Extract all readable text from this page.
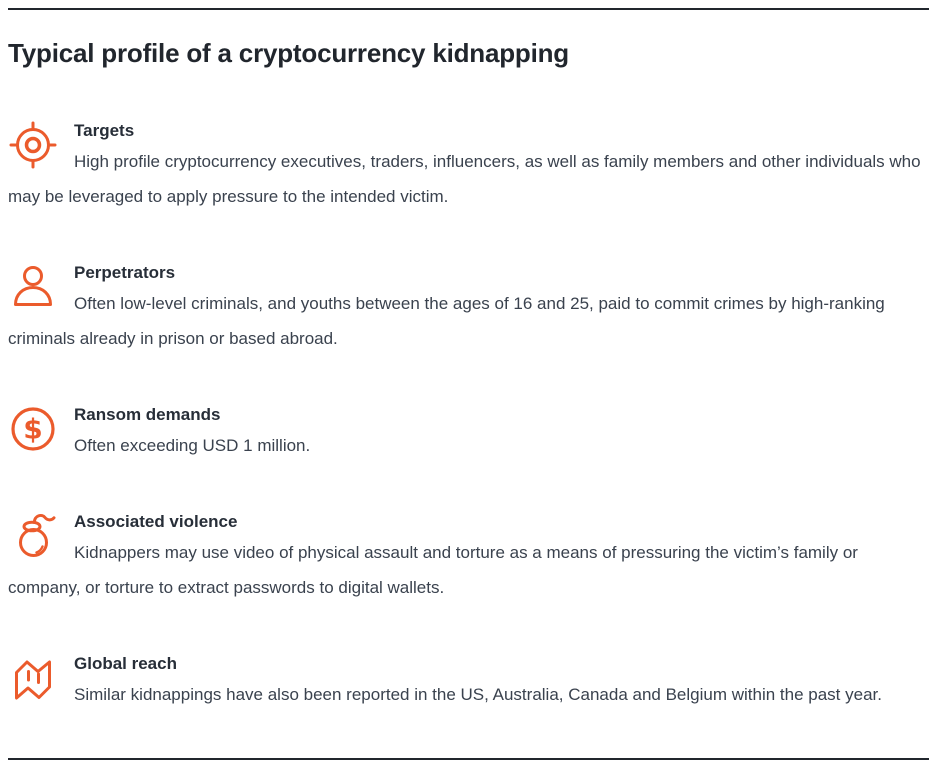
Typical profile of a cryptocurrency kidnapping
Targets

High profile cryptocurrency executives, traders, influencers, as well as family members and other individuals who may be leveraged to apply pressure to the intended victim.

Perpetrators

Often low-level criminals, and youths between the ages of 16 and 25, paid to commit crimes by high-ranking criminals already in prison or based abroad.

$	Ransom demands

Often exceeding USD 1 million.

Associated violence

Kidnappers may use video of physical assault and torture as a means of pressuring the victim’s family or company, or torture to extract passwords to digital wallets.

Global reach

Similar kidnappings have also been reported in the US, Australia, Canada and Belgium within the past year.
